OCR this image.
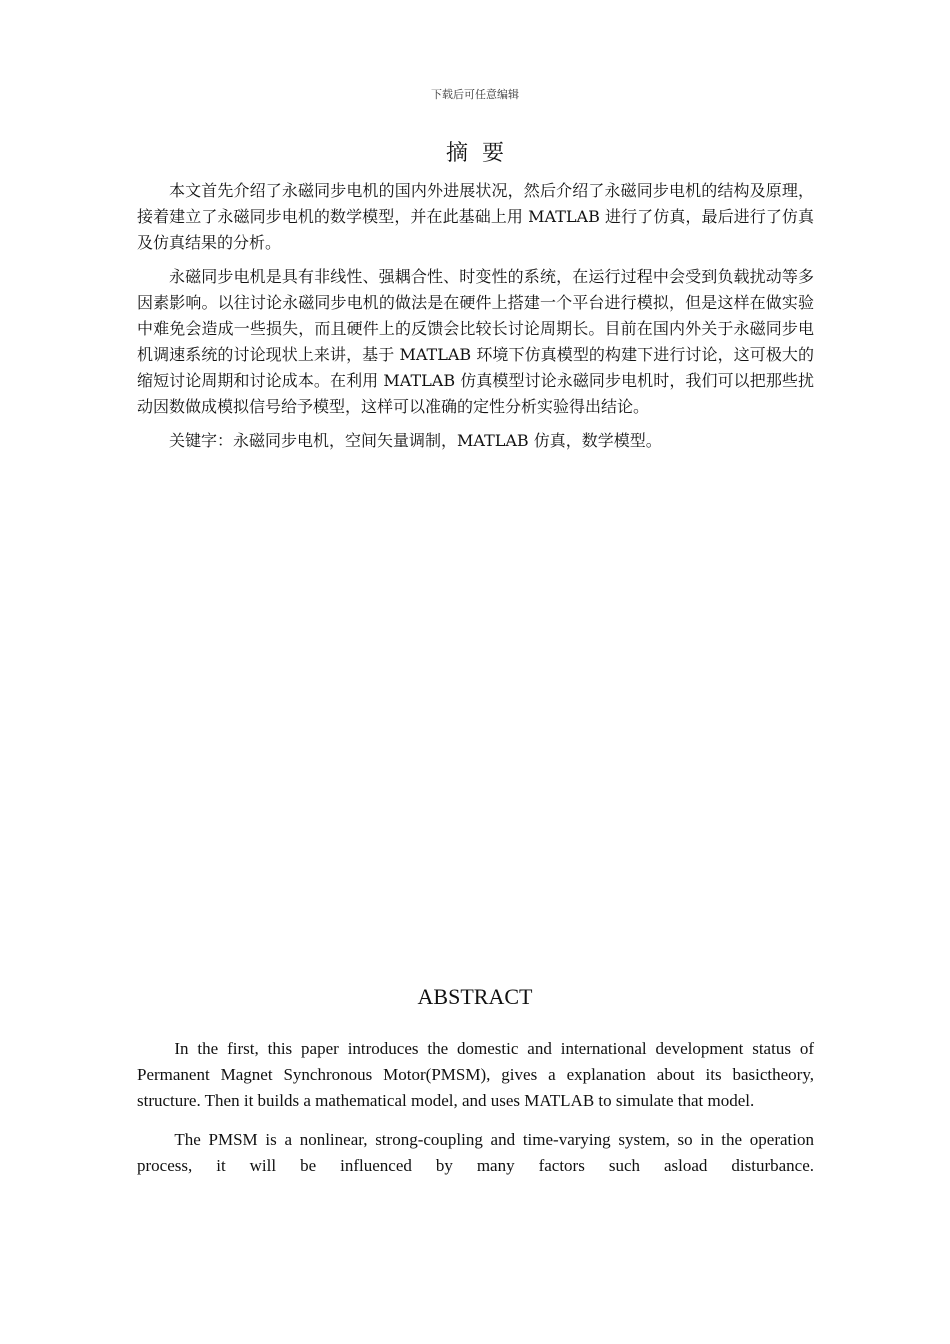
下载后可任意编辑
摘要

本文首先介绍了永磁同步电机的国内外进展状况，然后介绍了永磁同步电机的结构及原理，接着建立了永磁同步电机的数学模型，并在此基础上用 MATLAB 进行了仿真，最后进行了仿真及仿真结果的分析。

永磁同步电机是具有非线性、强耦合性、时变性的系统，在运行过程中会受到负载扰动等多因素影响。以往讨论永磁同步电机的做法是在硬件上搭建一个平台进行模拟，但是这样在做实验中难免会造成一些损失，而且硬件上的反馈会比较长讨论周期长。目前在国内外关于永磁同步电机调速系统的讨论现状上来讲，基于 MATLAB 环境下仿真模型的构建下进行讨论，这可极大的缩短讨论周期和讨论成本。在利用 MATLAB 仿真模型讨论永磁同步电机时，我们可以把那些扰动因数做成模拟信号给予模型，这样可以准确的定性分析实验得出结论。

关键字：永磁同步电机，空间矢量调制，MATLAB 仿真，数学模型。

ABSTRACT

In the first, this paper introduces the domestic and international development status of Permanent Magnet Synchronous Motor(PMSM), gives a explanation about its basictheory, structure. Then it builds a mathematical model, and uses MATLAB to simulate that model.

The PMSM is a nonlinear, strong-coupling and time-varying system, so in the operation process, it will be influenced by many factors such asload disturbance.
